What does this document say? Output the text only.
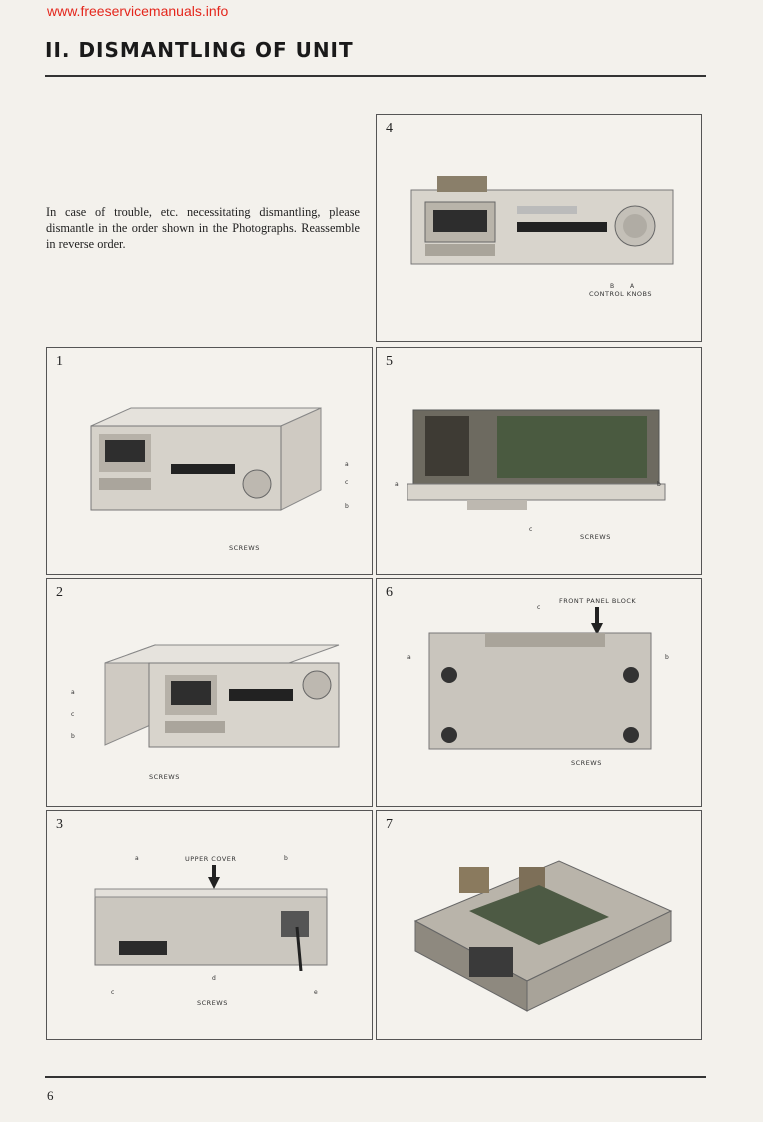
www.freeservicemanuals.info
II. DISMANTLING OF UNIT
In case of trouble, etc. necessitating dismantling, please dismantle in the order shown in the Photographs. Reassemble in reverse order.
4
B	A
CONTROL KNOBS
1
a
c
b
SCREWS
5
a	b
c
SCREWS
2
a
c
b
SCREWS
6
FRONT PANEL BLOCK
c
a	b
SCREWS
3
UPPER COVER
a	b
c
d
e
SCREWS
7
6
